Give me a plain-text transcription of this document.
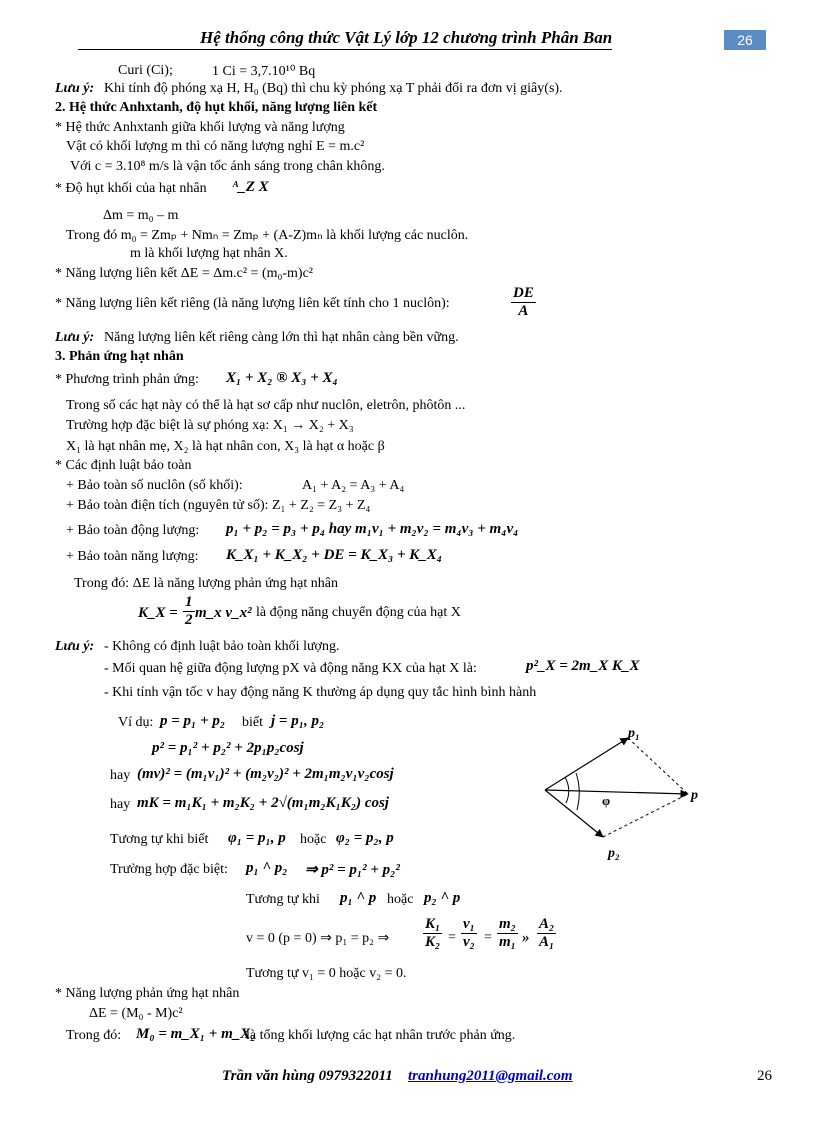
Hệ thống công thức Vật Lý lớp 12 chương trình Phân Ban	26
Curi (Ci);	1 Ci = 3,7.10¹⁰ Bq
Lưu ý: Khi tính độ phóng xạ H, H₀ (Bq) thì chu kỳ phóng xạ T phải đổi ra đơn vị giây(s).
2. Hệ thức Anhxtanh, độ hụt khối, năng lượng liên kết
* Hệ thức Anhxtanh giữa khối lượng và năng lượng
Vật có khối lượng m thì có năng lượng nghỉ E = m.c²
Với c = 3.10⁸ m/s là vận tốc ánh sáng trong chân không.
* Độ hụt khối của hạt nhân ᴬ_Z X
Δm = m₀ – m
Trong đó m₀ = Zmₚ + Nmₙ = Zmₚ + (A-Z)mₙ là khối lượng các nuclôn.
m là khối lượng hạt nhân X.
* Năng lượng liên kết ΔE = Δm.c² = (m₀-m)c²
* Năng lượng liên kết riêng (là năng lượng liên kết tính cho 1 nuclôn):	$\frac{DE}{A}$
Lưu ý: Năng lượng liên kết riêng càng lớn thì hạt nhân càng bền vững.
3. Phản ứng hạt nhân
* Phương trình phản ứng: X₁ + X₂ ® X₃ + X₄
Trong số các hạt này có thể là hạt sơ cấp như nuclôn, eletrôn, phôtôn ...
Trường hợp đặc biệt là sự phóng xạ: X₁ → X₂ + X₃
X₁ là hạt nhân mẹ, X₂ là hạt nhân con, X₃ là hạt α hoặc β
* Các định luật bảo toàn
+ Bảo toàn số nuclôn (số khối):	A₁ + A₂ = A₃ + A₄
+ Bảo toàn điện tích (nguyên tử số): Z₁ + Z₂ = Z₃ + Z₄
+ Bảo toàn động lượng: p₁ + p₂ = p₃ + p₄ hay m₁v₁ + m₂v₂ = m₄v₃ + m₄v₄
+ Bảo toàn năng lượng: K_X₁ + K_X₂ + DE = K_X₃ + K_X₄
Trong đó: ΔE là năng lượng phản ứng hạt nhân
K_X = $\frac{1}{2}$ m_x v_x² là động năng chuyển động của hạt X
Lưu ý: - Không có định luật bảo toàn khối lượng.
- Mối quan hệ giữa động lượng pX và động năng KX của hạt X là:	p²_X = 2m_X K_X
- Khi tính vận tốc v hay động năng K thường áp dụng quy tắc hình bình hành
Ví dụ: p = p₁ + p₂ biết j = p₁, p₂
p² = p₁² + p₂² + 2p₁p₂cosj
hay (mv)² = (m₁v₁)² + (m₂v₂)² + 2m₁m₂v₁v₂cosj
hay mK = m₁K₁ + m₂K₂ + 2√(m₁m₂K₁K₂) cosj
Tương tự khi biết φ₁ = p₁, p hoặc φ₂ = p₂, p
Trường hợp đặc biệt: p₁ ^ p₂ ⇒ p² = p₁² + p₂²
Tương tự khi p₁ ^ p hoặc p₂ ^ p
v = 0 (p = 0) ⇒ p₁ = p₂ ⇒ $\frac{\text{K₁}}{\text{K₂}} = \frac{\text{v₁}}{\text{v₂}} = \frac{\text{m₂}}{\text{m₁}}$ » $\frac{\text{A₂}}{\text{A₁}}$
Tương tự v₁ = 0 hoặc v₂ = 0.
* Năng lượng phản ứng hạt nhân
ΔE = (M₀ - M)c²
Trong đó: M₀ = m_X₁ + m_X₂
là tổng khối lượng các hạt nhân trước phản ứng.
p₁
p
p₂
φ
Trần văn hùng 0979322011 tranhung2011@gmail.com	26
